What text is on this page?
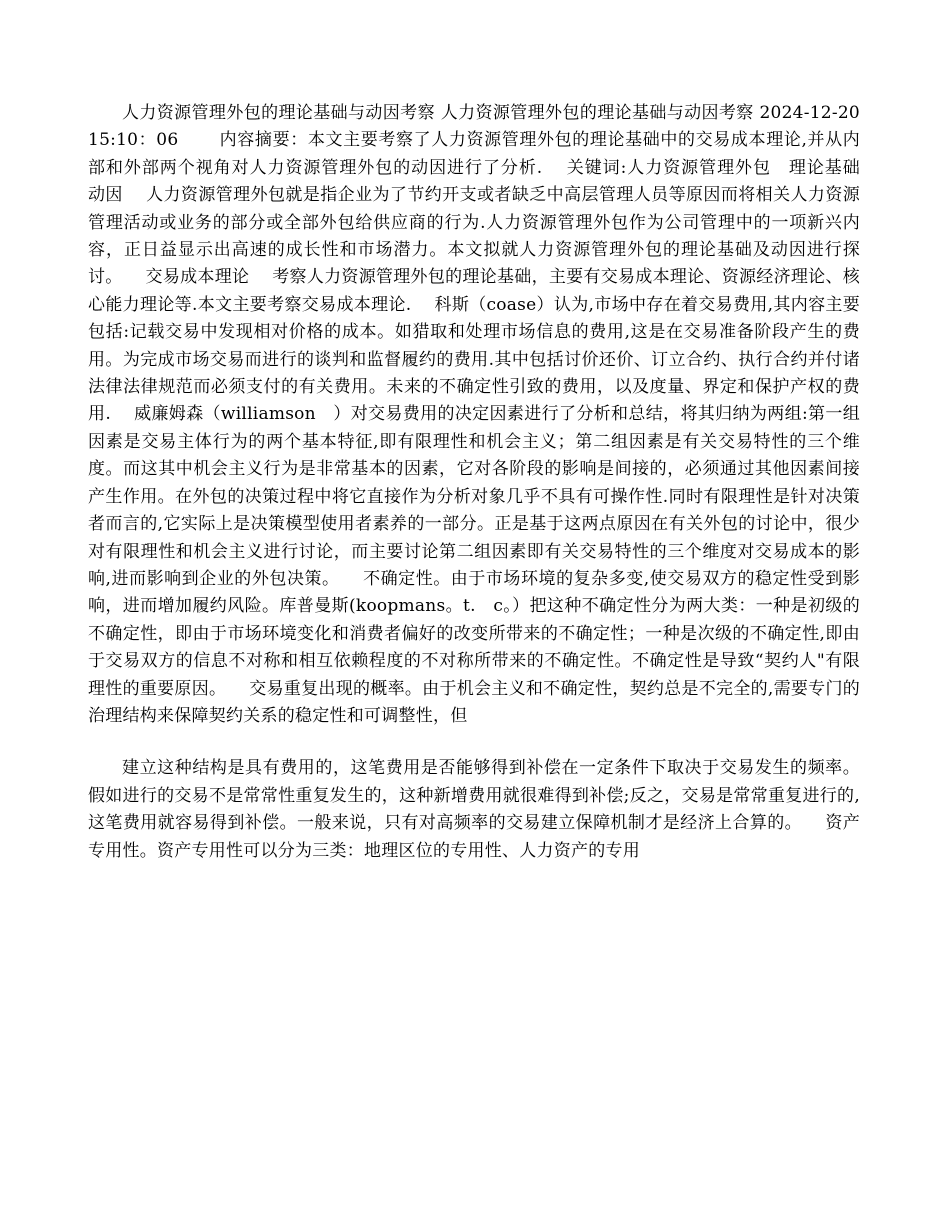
人力资源管理外包的理论基础与动因考察 人力资源管理外包的理论基础与动因考察 2024-12-20 15:10：06 　　内容摘要：本文主要考察了人力资源管理外包的理论基础中的交易成本理论,并从内部和外部两个视角对人力资源管理外包的动因进行了分析. 　关键词:人力资源管理外包　理论基础　动因　 人力资源管理外包就是指企业为了节约开支或者缺乏中高层管理人员等原因而将相关人力资源管理活动或业务的部分或全部外包给供应商的行为.人力资源管理外包作为公司管理中的一项新兴内容，正日益显示出高速的成长性和市场潜力。本文拟就人力资源管理外包的理论基础及动因进行探讨。 　交易成本理论 　考察人力资源管理外包的理论基础，主要有交易成本理论、资源经济理论、核心能力理论等.本文主要考察交易成本理论. 　科斯（coase）认为,市场中存在着交易费用,其内容主要包括:记载交易中发现相对价格的成本。如猎取和处理市场信息的费用,这是在交易准备阶段产生的费用。为完成市场交易而进行的谈判和监督履约的费用.其中包括讨价还价、订立合约、执行合约并付诸法律法律规范而必须支付的有关费用。未来的不确定性引致的费用，以及度量、界定和保护产权的费用. 　威廉姆森（williamson　）对交易费用的决定因素进行了分析和总结，将其归纳为两组:第一组因素是交易主体行为的两个基本特征,即有限理性和机会主义；第二组因素是有关交易特性的三个维度。而这其中机会主义行为是非常基本的因素，它对各阶段的影响是间接的，必须通过其他因素间接产生作用。在外包的决策过程中将它直接作为分析对象几乎不具有可操作性.同时有限理性是针对决策者而言的,它实际上是决策模型使用者素养的一部分。正是基于这两点原因在有关外包的讨论中，很少对有限理性和机会主义进行讨论，而主要讨论第二组因素即有关交易特性的三个维度对交易成本的影响,进而影响到企业的外包决策。 　不确定性。由于市场环境的复杂多变,使交易双方的稳定性受到影响，进而增加履约风险。库普曼斯(koopmans。t.　c。）把这种不确定性分为两大类：一种是初级的不确定性，即由于市场环境变化和消费者偏好的改变所带来的不确定性；一种是次级的不确定性,即由于交易双方的信息不对称和相互依赖程度的不对称所带来的不确定性。不确定性是导致“契约人"有限理性的重要原因。 　交易重复出现的概率。由于机会主义和不确定性，契约总是不完全的,需要专门的治理结构来保障契约关系的稳定性和可调整性，但

建立这种结构是具有费用的，这笔费用是否能够得到补偿在一定条件下取决于交易发生的频率。假如进行的交易不是常常性重复发生的，这种新增费用就很难得到补偿;反之，交易是常常重复进行的,这笔费用就容易得到补偿。一般来说，只有对高频率的交易建立保障机制才是经济上合算的。 　资产专用性。资产专用性可以分为三类：地理区位的专用性、人力资产的专用
